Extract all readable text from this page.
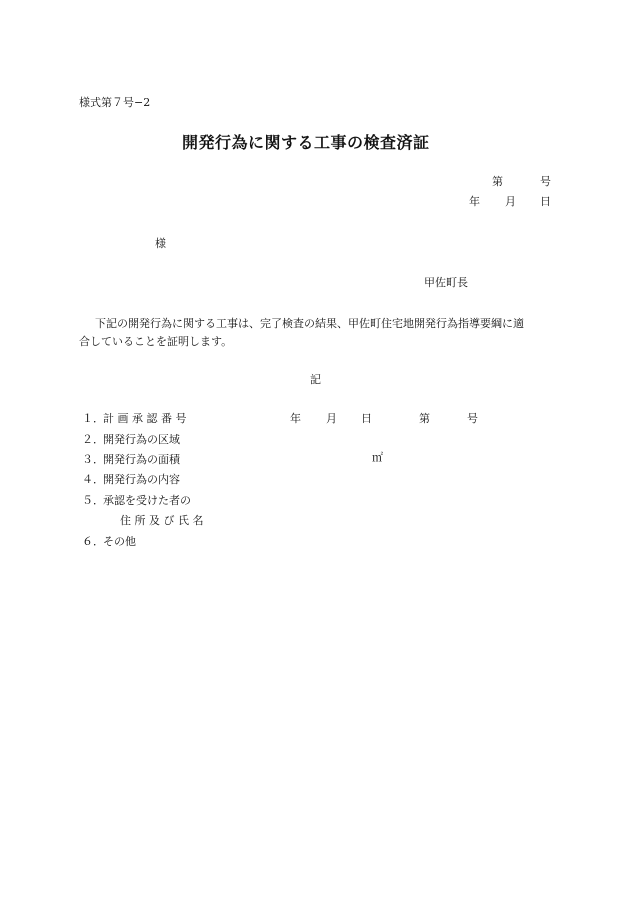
様式第７号−2
開発行為に関する工事の検査済証
第	号
年 月 日
様
甲佐町長
下記の開発行為に関する工事は、完了検査の結果、甲佐町住宅地開発行為指導要綱に適
合していることを証明します。
記
１． 計 画 承 認 番 号	年 月 日	第	号
２． 開発行為の区域
３． 開発行為の面積	㎡
４． 開発行為の内容
５． 承認を受けた者の
住 所 及 び 氏 名
６． その他
